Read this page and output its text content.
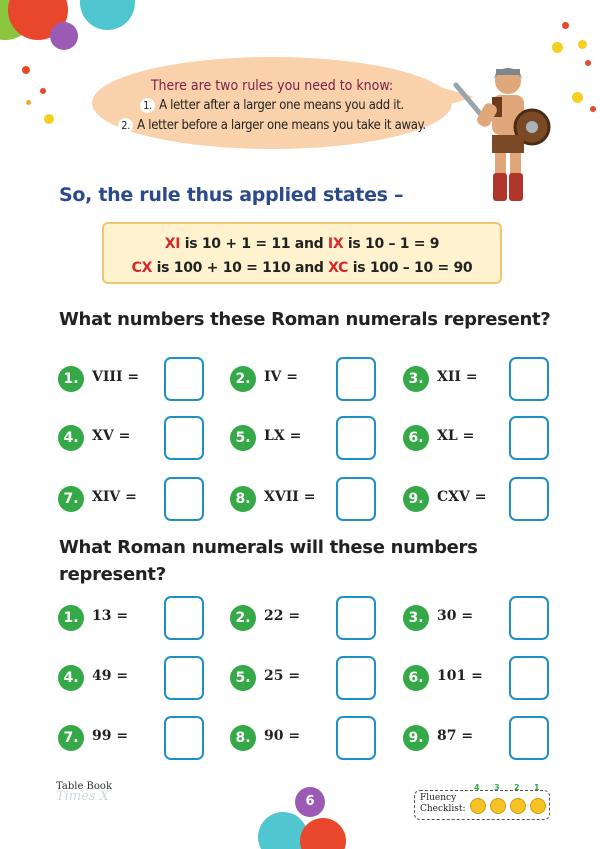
There are two rules you need to know:
1. A letter after a larger one means you add it.
2. A letter before a larger one means you take it away.
So, the rule thus applied states –
XI is 10 + 1 = 11 and IX is 10 – 1 = 9
CX is 100 + 10 = 110 and XC is 100 – 10 = 90
What numbers these Roman numerals represent?
1. VIII =	2. IV =	3. XII =
4. XV =	5. LX =	6. XL =
7. XIV =	8. XVII =	9. CXV =
What Roman numerals will these numbers
represent?
1. 13 =	2. 22 =	3. 30 =
4. 49 =	5. 25 =	6. 101 =
7. 99 =	8. 90 =	9. 87 =
Table Book
Times X	6	Fluency
Checklist:
4 3 2 1
